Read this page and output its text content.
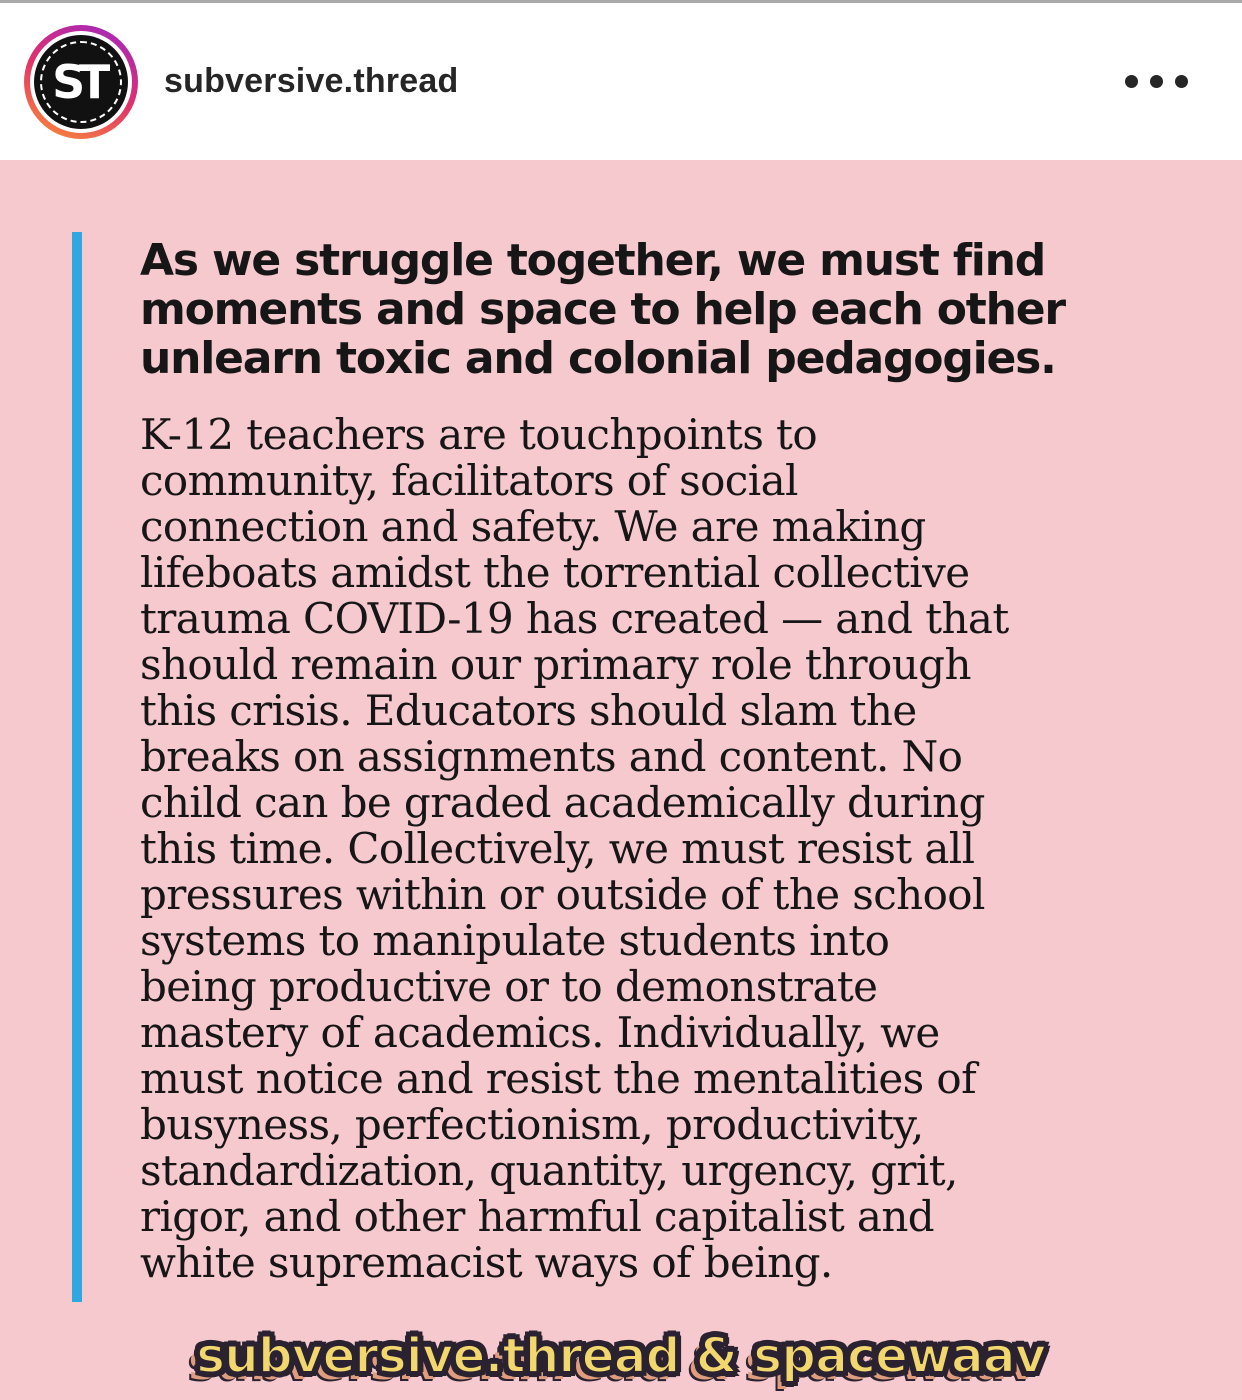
ST subversive.thread
As we struggle together, we must find
moments and space to help each other
unlearn toxic and colonial pedagogies.
K-12 teachers are touchpoints to
community, facilitators of social
connection and safety. We are making
lifeboats amidst the torrential collective
trauma COVID-19 has created — and that
should remain our primary role through
this crisis. Educators should slam the
breaks on assignments and content. No
child can be graded academically during
this time. Collectively, we must resist all
pressures within or outside of the school
systems to manipulate students into
being productive or to demonstrate
mastery of academics. Individually, we
must notice and resist the mentalities of
busyness, perfectionism, productivity,
standardization, quantity, urgency, grit,
rigor, and other harmful capitalist and
white supremacist ways of being.
subversive.thread & spacewaav
